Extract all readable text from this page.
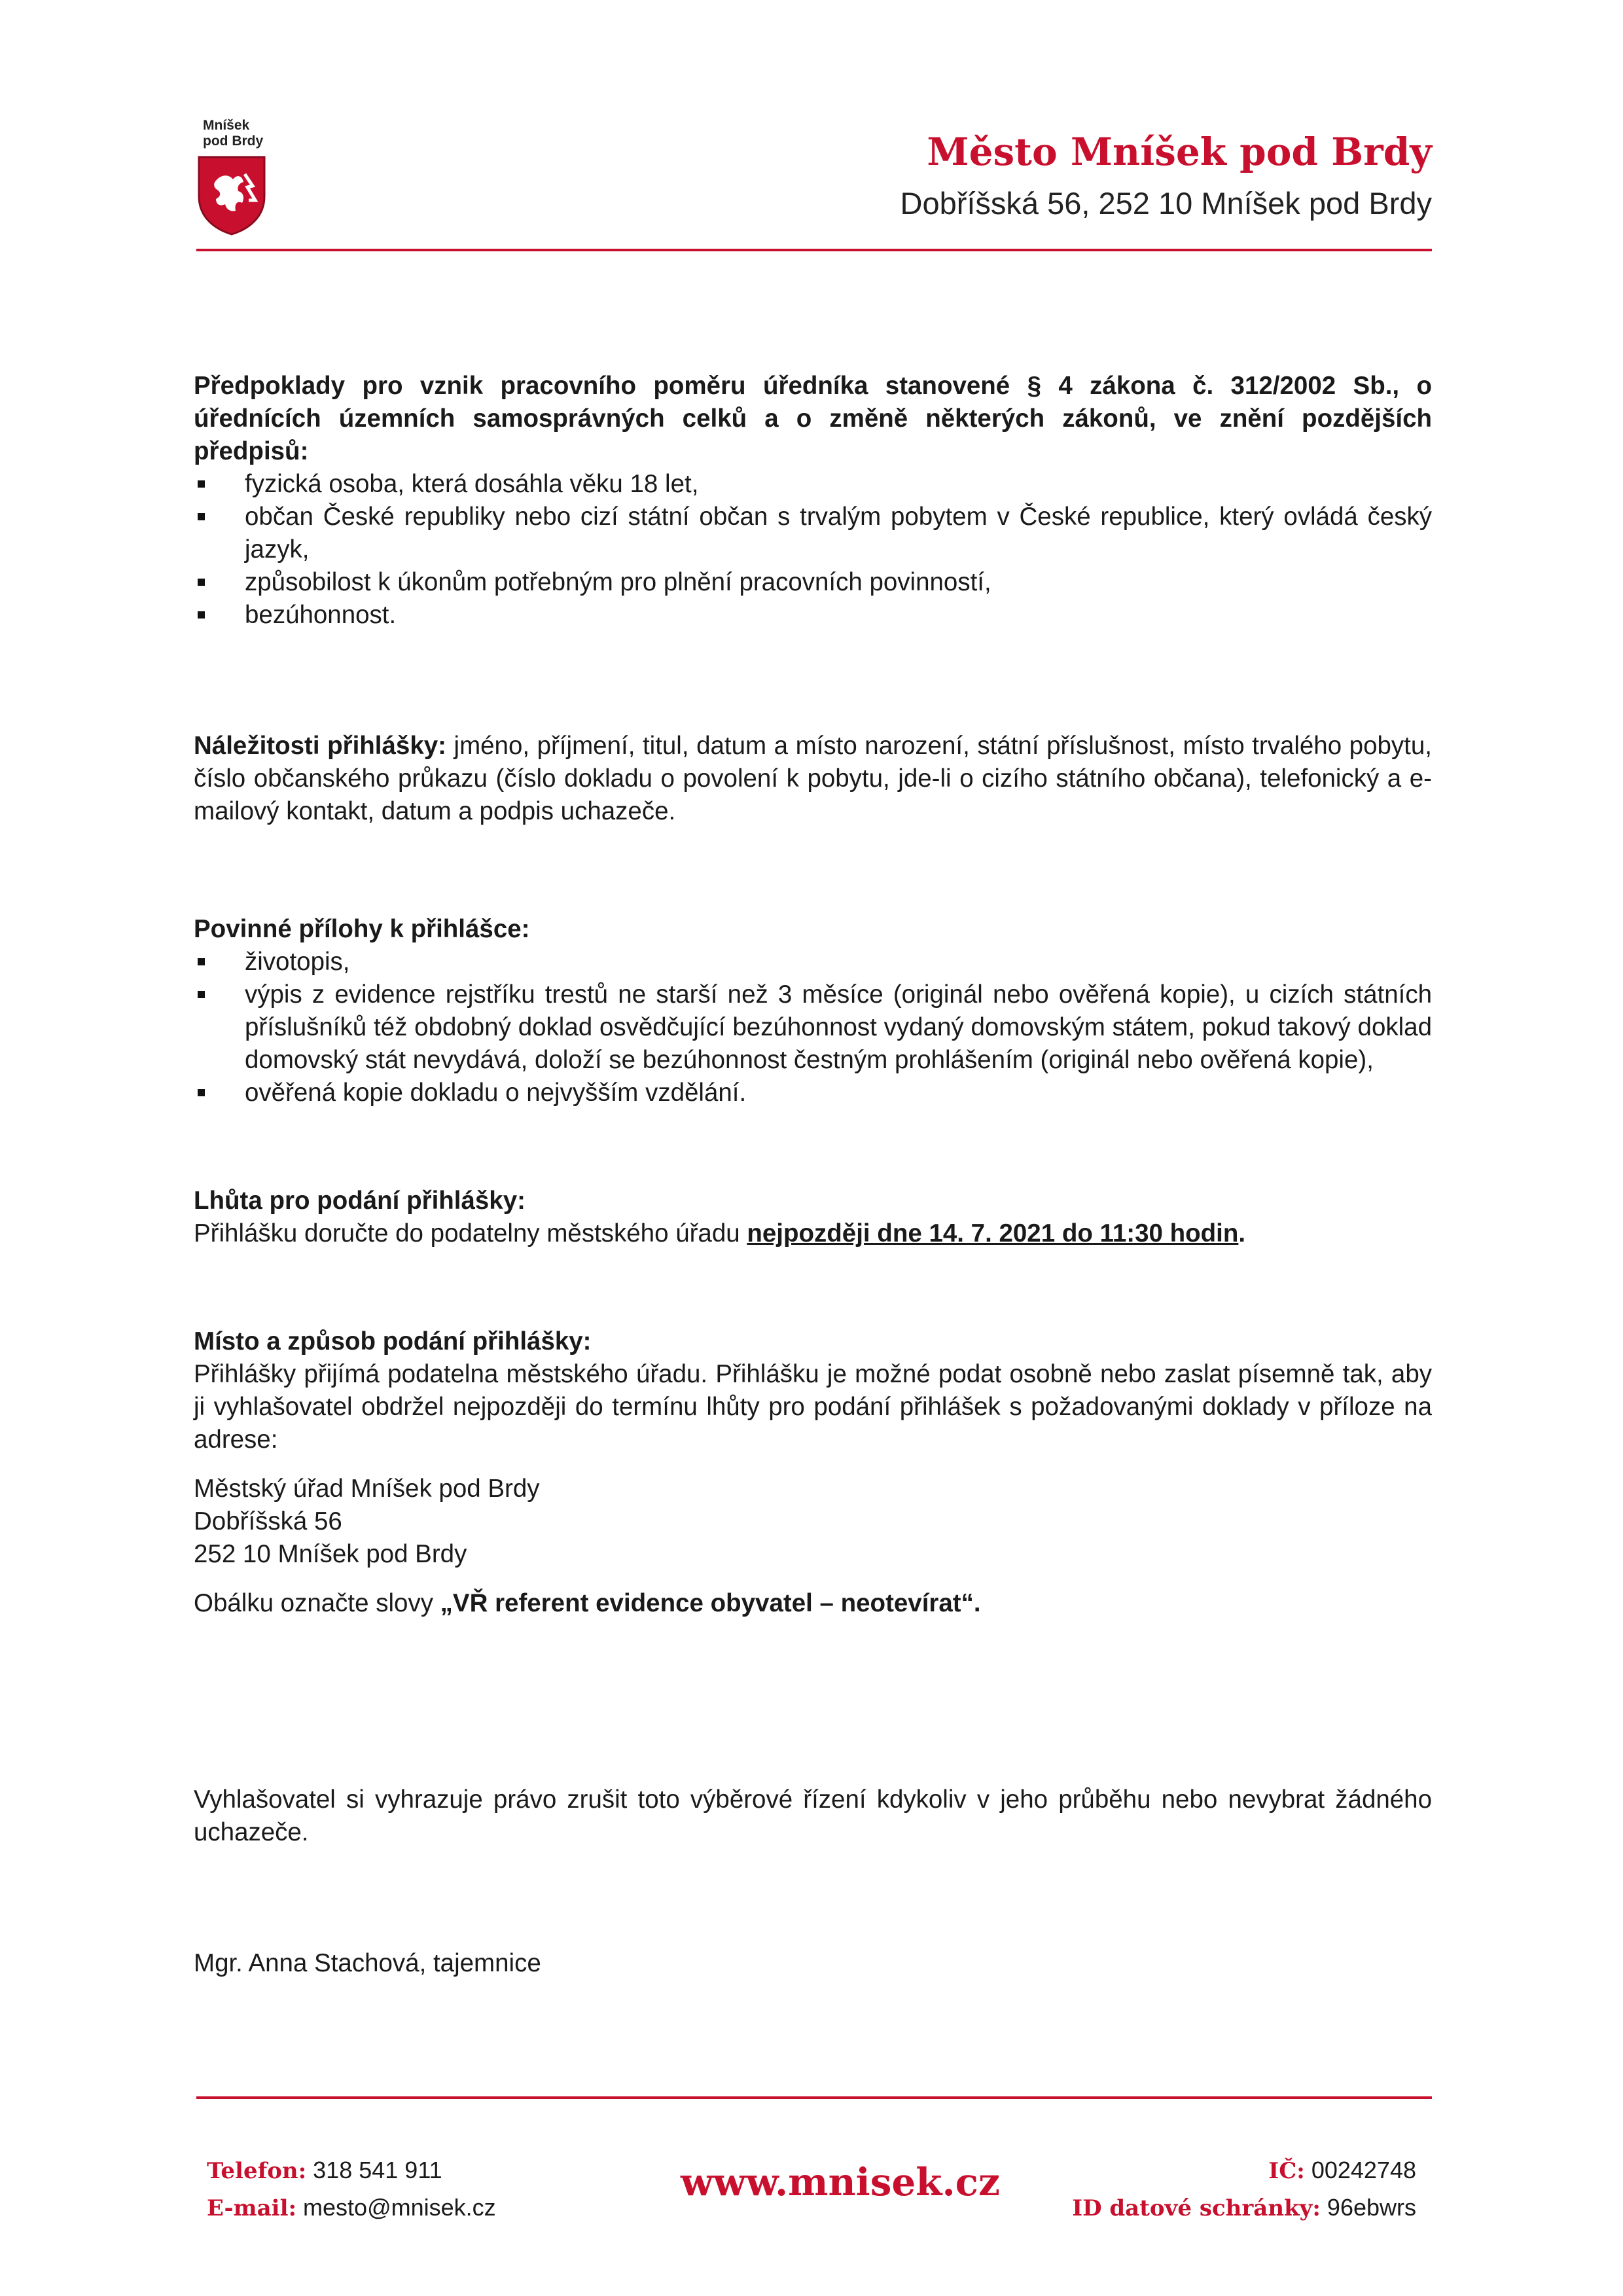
Mníšek
pod Brdy	Město Mníšek pod Brdy
Dobříšská 56, 252 10 Mníšek pod Brdy

Předpoklady pro vznik pracovního poměru úředníka stanovené § 4 zákona č. 312/2002 Sb., o úřednících územních samosprávných celků a o změně některých zákonů, ve znění pozdějších předpisů:

fyzická osoba, která dosáhla věku 18 let,
občan České republiky nebo cizí státní občan s trvalým pobytem v České republice, který ovládá český jazyk,
způsobilost k úkonům potřebným pro plnění pracovních povinností,
bezúhonnost.

Náležitosti přihlášky: jméno, příjmení, titul, datum a místo narození, státní příslušnost, místo trvalého pobytu, číslo občanského průkazu (číslo dokladu o povolení k pobytu, jde-li o cizího státního občana), telefonický a e-mailový kontakt, datum a podpis uchazeče.

Povinné přílohy k přihlášce:

životopis,
výpis z evidence rejstříku trestů ne starší než 3 měsíce (originál nebo ověřená kopie), u cizích státních příslušníků též obdobný doklad osvědčující bezúhonnost vydaný domovským státem, pokud takový doklad domovský stát nevydává, doloží se bezúhonnost čestným prohlášením (originál nebo ověřená kopie),
ověřená kopie dokladu o nejvyšším vzdělání.

Lhůta pro podání přihlášky:

Přihlášku doručte do podatelny městského úřadu nejpozději dne 14. 7. 2021 do 11:30 hodin.

Místo a způsob podání přihlášky:

Přihlášky přijímá podatelna městského úřadu. Přihlášku je možné podat osobně nebo zaslat písemně tak, aby ji vyhlašovatel obdržel nejpozději do termínu lhůty pro podání přihlášek s požadovanými doklady v příloze na adrese:

Městský úřad Mníšek pod Brdy

Dobříšská 56

252 10 Mníšek pod Brdy

Obálku označte slovy „VŘ referent evidence obyvatel – neotevírat“.

Vyhlašovatel si vyhrazuje právo zrušit toto výběrové řízení kdykoliv v jeho průběhu nebo nevybrat žádného uchazeče.

Mgr. Anna Stachová, tajemnice

Telefon: 318 541 911
E-mail: mesto@mnisek.cz
www.mnisek.cz	IČ: 00242748
ID datové schránky: 96ebwrs
